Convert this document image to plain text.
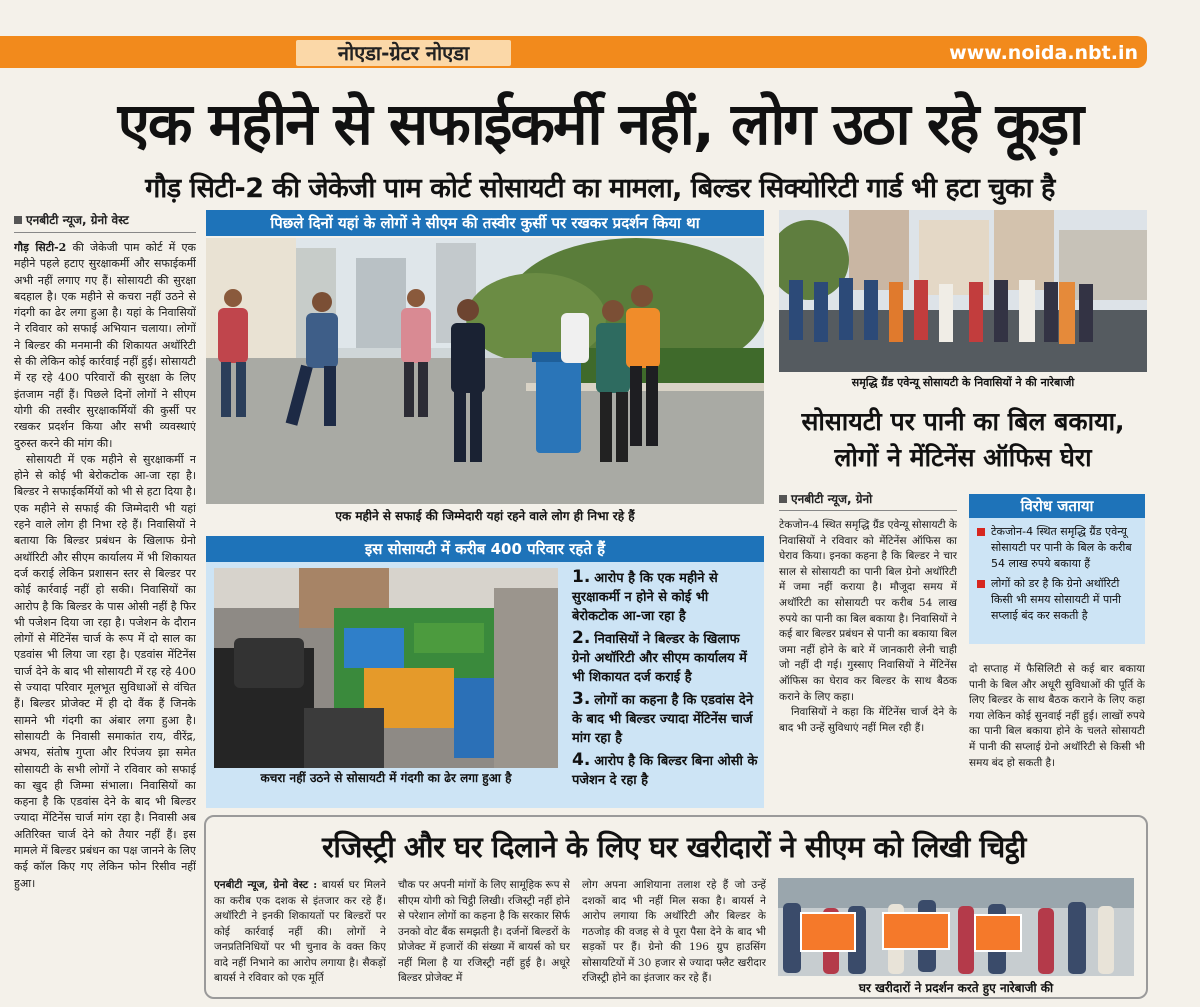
नोएडा-ग्रेटर नोएडा	www.noida.nbt.in
एक महीने से सफाईकर्मी नहीं, लोग उठा रहे कूड़ा
गौड़ सिटी-2 की जेकेजी पाम कोर्ट सोसायटी का मामला, बिल्डर सिक्योरिटी गार्ड भी हटा चुका है
एनबीटी न्यूज, ग्रेनो वेस्ट

गौड़ सिटी-2 की जेकेजी पाम कोर्ट में एक महीने पहले हटाए सुरक्षाकर्मी और सफाईकर्मी अभी नहीं लगाए गए हैं। सोसायटी की सुरक्षा बदहाल है। एक महीने से कचरा नहीं उठने से गंदगी का ढेर लगा हुआ है। यहां के निवासियों ने रविवार को सफाई अभियान चलाया। लोगों ने बिल्डर की मनमानी की शिकायत अथॉरिटी से की लेकिन कोई कार्रवाई नहीं हुई। सोसायटी में रह रहे 400 परिवारों की सुरक्षा के लिए इंतजाम नहीं हैं। पिछले दिनों लोगों ने सीएम योगी की तस्वीर सुरक्षाकर्मियों की कुर्सी पर रखकर प्रदर्शन किया और सभी व्यवस्थाएं दुरुस्त करने की मांग की।

सोसायटी में एक महीने से सुरक्षाकर्मी न होने से कोई भी बेरोकटोक आ-जा रहा है। बिल्डर ने सफाईकर्मियों को भी से हटा दिया है। एक महीने से सफाई की जिम्मेदारी भी यहां रहने वाले लोग ही निभा रहे हैं। निवासियों ने बताया कि बिल्डर प्रबंधन के खिलाफ ग्रेनो अथॉरिटी और सीएम कार्यालय में भी शिकायत दर्ज कराई लेकिन प्रशासन स्तर से बिल्डर पर कोई कार्रवाई नहीं हो सकी। निवासियों का आरोप है कि बिल्डर के पास ओसी नहीं है फिर भी पजेशन दिया जा रहा है। पजेशन के दौरान लोगों से मेंटिनेंस चार्ज के रूप में दो साल का एडवांस भी लिया जा रहा है। एडवांस मेंटिनेंस चार्ज देने के बाद भी सोसायटी में रह रहे 400 से ज्यादा परिवार मूलभूत सुविधाओं से वंचित हैं। बिल्डर प्रोजेक्ट में ही दो वैंक हैं जिनके सामने भी गंदगी का अंबार लगा हुआ है। सोसायटी के निवासी समाकांत राय, वीरेंद्र, अभय, संतोष गुप्ता और रिपंजय झा समेत सोसायटी के सभी लोगों ने रविवार को सफाई का खुद ही जिम्मा संभाला। निवासियों का कहना है कि एडवांस देने के बाद भी बिल्डर ज्यादा मेंटिनेंस चार्ज मांग रहा है। निवासी अब अतिरिक्त चार्ज देने को तैयार नहीं हैं। इस मामले में बिल्डर प्रबंधन का पक्ष जानने के लिए कई कॉल किए गए लेकिन फोन रिसीव नहीं हुआ।

पिछले दिनों यहां के लोगों ने सीएम की तस्वीर कुर्सी पर रखकर प्रदर्शन किया था
एक महीने से सफाई की जिम्मेदारी यहां रहने वाले लोग ही निभा रहे हैं
इस सोसायटी में करीब 400 परिवार रहते हैं
कचरा नहीं उठने से सोसायटी में गंदगी का ढेर लगा हुआ है
1. आरोप है कि एक महीने से सुरक्षाकर्मी न होने से कोई भी बेरोकटोक आ-जा रहा है
2. निवासियों ने बिल्डर के खिलाफ ग्रेनो अथॉरिटी और सीएम कार्यालय में भी शिकायत दर्ज कराई है
3. लोगों का कहना है कि एडवांस देने के बाद भी बिल्डर ज्यादा मेंटिनेंस चार्ज मांग रहा है
4. आरोप है कि बिल्डर बिना ओसी के पजेशन दे रहा है
समृद्धि ग्रैंड एवेन्यू सोसायटी के निवासियों ने की नारेबाजी
सोसायटी पर पानी का बिल बकाया,
लोगों ने मेंटिनेंस ऑफिस घेरा
एनबीटी न्यूज, ग्रेनो

टेकजोन-4 स्थित समृद्धि ग्रैंड एवेन्यू सोसायटी के निवासियों ने रविवार को मेंटिनेंस ऑफिस का घेराव किया। इनका कहना है कि बिल्डर ने चार साल से सोसायटी का पानी बिल ग्रेनो अथॉरिटी में जमा नहीं कराया है। मौजूदा समय में अथॉरिटी का सोसायटी पर करीब 54 लाख रुपये का पानी का बिल बकाया है। निवासियों ने कई बार बिल्डर प्रबंधन से पानी का बकाया बिल जमा नहीं होने के बारे में जानकारी लेनी चाही जो नहीं दी गई। गुस्साए निवासियों ने मेंटिनेंस ऑफिस का घेराव कर बिल्डर के साथ बैठक कराने के लिए कहा।

निवासियों ने कहा कि मेंटिनेंस चार्ज देने के बाद भी उन्हें सुविधाएं नहीं मिल रही हैं।

विरोध जताया
टेकजोन-4 स्थित समृद्धि ग्रैंड एवेन्यू सोसायटी पर पानी के बिल के करीब 54 लाख रुपये बकाया हैं
लोगों को डर है कि ग्रेनो अथॉरिटी किसी भी समय सोसायटी में पानी सप्लाई बंद कर सकती है
दो सप्ताह में फैसिलिटी से कई बार बकाया पानी के बिल और अधूरी सुविधाओं की पूर्ति के लिए बिल्डर के साथ बैठक कराने के लिए कहा गया लेकिन कोई सुनवाई नहीं हुई। लाखों रुपये का पानी बिल बकाया होने के चलते सोसायटी में पानी की सप्लाई ग्रेनो अथॉरिटी से किसी भी समय बंद हो सकती है।
रजिस्ट्री और घर दिलाने के लिए घर खरीदारों ने सीएम को लिखी चिट्ठी
एनबीटी न्यूज, ग्रेनो वेस्ट : बायर्स घर मिलने का करीब एक दशक से इंतजार कर रहे हैं। अथॉरिटी ने इनकी शिकायतों पर बिल्डरों पर कोई कार्रवाई नहीं की। लोगों ने जनप्रतिनिधियों पर भी चुनाव के वक्त किए वादे नहीं निभाने का आरोप लगाया है। सैकड़ों बायर्स ने रविवार को एक मूर्ति
चौक पर अपनी मांगों के लिए सामूहिक रूप से सीएम योगी को चिट्ठी लिखी। रजिस्ट्री नहीं होने से परेशान लोगों का कहना है कि सरकार सिर्फ उनको वोट बैंक समझती है। दर्जनों बिल्डरों के प्रोजेक्ट में हजारों की संख्या में बायर्स को घर नहीं मिला है या रजिस्ट्री नहीं हुई है। अधूरे बिल्डर प्रोजेक्ट में
लोग अपना आशियाना तलाश रहे हैं जो उन्हें दशकों बाद भी नहीं मिल सका है। बायर्स ने आरोप लगाया कि अथॉरिटी और बिल्डर के गठजोड़ की वजह से वे पूरा पैसा देने के बाद भी सड़कों पर हैं। ग्रेनो की 196 ग्रुप हाउसिंग सोसायटियों में 30 हजार से ज्यादा फ्लैट खरीदार रजिस्ट्री होने का इंतजार कर रहे हैं।
घर खरीदारों ने प्रदर्शन करते हुए नारेबाजी की
